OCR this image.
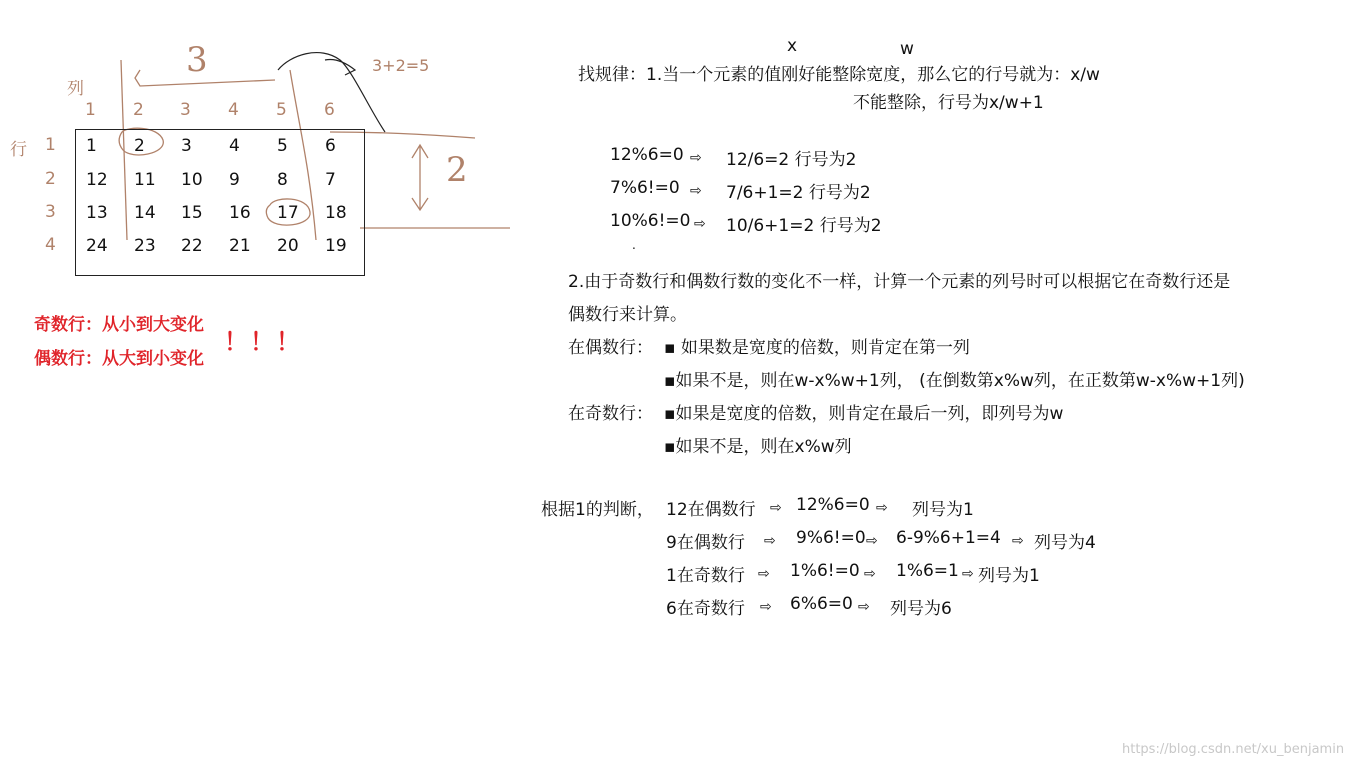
列
行
1 2 3 4 5 6
1
2
3
4
1 2 3 4 5 6
12 11 10 9 8 7
13 14 15 16 17 18
24 23 22 21 20 19
3	3+2=5
2
奇数行：从小到大变化
偶数行：从大到小变化
！！！
x	w
找规律：1.当一个元素的值刚好能整除宽度，那么它的行号就为：x/w
不能整除，行号为x/w+1
12%6=0 ⇨ 12/6=2 行号为2
7%6!=0 ⇨ 7/6+1=2 行号为2
10%6!=0 ⇨ 10/6+1=2 行号为2
.
2.由于奇数行和偶数行数的变化不一样，计算一个元素的列号时可以根据它在奇数行还是
偶数行来计算。
在偶数行： ▪ 如果数是宽度的倍数，则肯定在第一列
▪如果不是，则在w-x%w+1列， (在倒数第x%w列，在正数第w-x%w+1列)
在奇数行： ▪如果是宽度的倍数，则肯定在最后一列，即列号为w
▪如果不是，则在x%w列
根据1的判断， 12在偶数行 ⇨ 12%6=0 ⇨ 列号为1
9在偶数行 ⇨ 9%6!=0 ⇨ 6-9%6+1=4 ⇨ 列号为4
1在奇数行 ⇨ 1%6!=0 ⇨ 1%6=1 ⇨ 列号为1
6在奇数行 ⇨ 6%6=0 ⇨ 列号为6
https://blog.csdn.net/xu_benjamin
